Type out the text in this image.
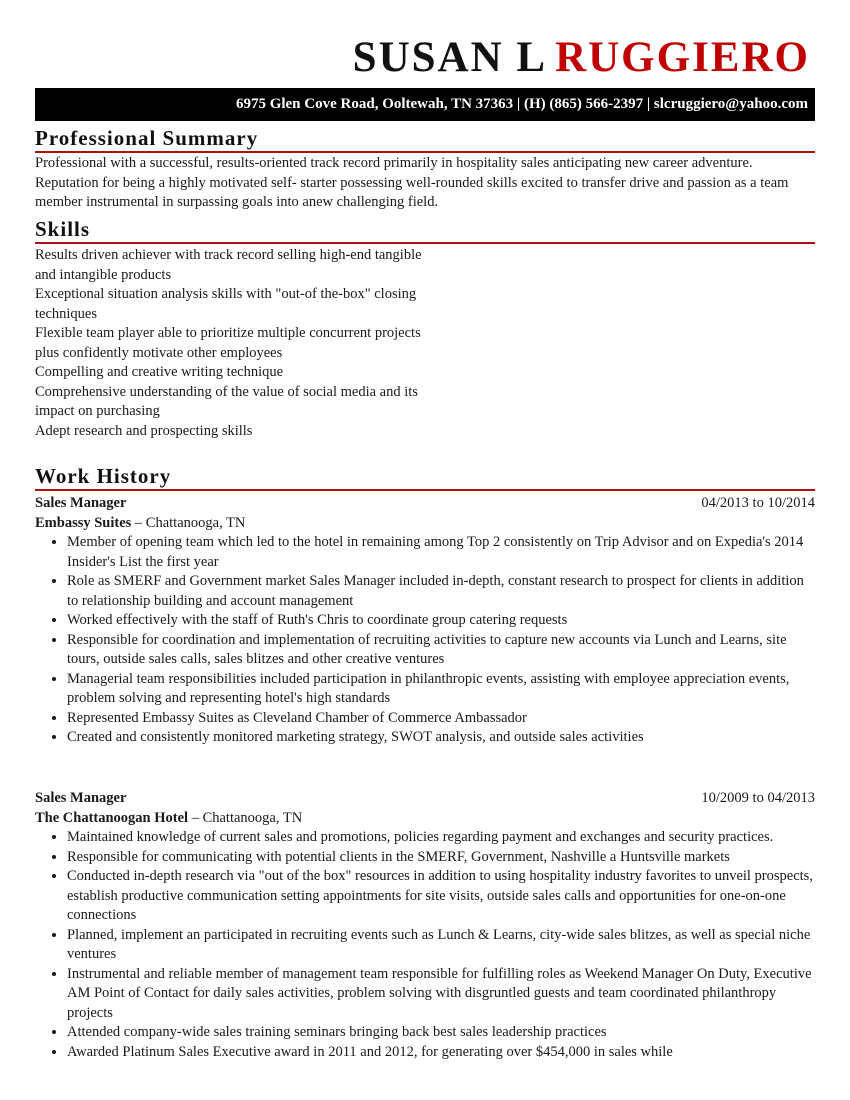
SUSAN L RUGGIERO
6975 Glen Cove Road, Ooltewah, TN 37363 | (H) (865) 566-2397 | slcruggiero@yahoo.com
Professional Summary
Professional with a successful, results-oriented track record primarily in hospitality sales anticipating new career adventure. Reputation for being a highly motivated self- starter possessing well-rounded skills excited to transfer drive and passion as a team member instrumental in surpassing goals into anew challenging field.
Skills
Results driven achiever with track record selling high-end tangible and intangible products
Exceptional situation analysis skills with "out-of the-box" closing techniques
Flexible team player able to prioritize multiple concurrent projects plus confidently motivate other employees
Compelling and creative writing technique
Comprehensive understanding of the value of social media and its impact on purchasing
Adept research and prospecting skills
Work History
Sales Manager	04/2013 to 10/2014
Embassy Suites – Chattanooga, TN
• Member of opening team which led to the hotel in remaining among Top 2 consistently on Trip Advisor and on Expedia's 2014 Insider's List the first year
• Role as SMERF and Government market Sales Manager included in-depth, constant research to prospect for clients in addition to relationship building and account management
• Worked effectively with the staff of Ruth's Chris to coordinate group catering requests
• Responsible for coordination and implementation of recruiting activities to capture new accounts via Lunch and Learns, site tours, outside sales calls, sales blitzes and other creative ventures
• Managerial team responsibilities included participation in philanthropic events, assisting with employee appreciation events, problem solving and representing hotel's high standards
• Represented Embassy Suites as Cleveland Chamber of Commerce Ambassador
• Created and consistently monitored marketing strategy, SWOT analysis, and outside sales activities
Sales Manager	10/2009 to 04/2013
The Chattanoogan Hotel – Chattanooga, TN
• Maintained knowledge of current sales and promotions, policies regarding payment and exchanges and security practices.
• Responsible for communicating with potential clients in the SMERF, Government, Nashville a Huntsville markets
• Conducted in-depth research via "out of the box" resources in addition to using hospitality industry favorites to unveil prospects, establish productive communication setting appointments for site visits, outside sales calls and opportunities for one-on-one connections
• Planned, implement an participated in recruiting events such as Lunch & Learns, city-wide sales blitzes, as well as special niche ventures
• Instrumental and reliable member of management team responsible for fulfilling roles as Weekend Manager On Duty, Executive AM Point of Contact for daily sales activities, problem solving with disgruntled guests and team coordinated philanthropy projects
• Attended company-wide sales training seminars bringing back best sales leadership practices
• Awarded Platinum Sales Executive award in 2011 and 2012, for generating over $454,000 in sales while
